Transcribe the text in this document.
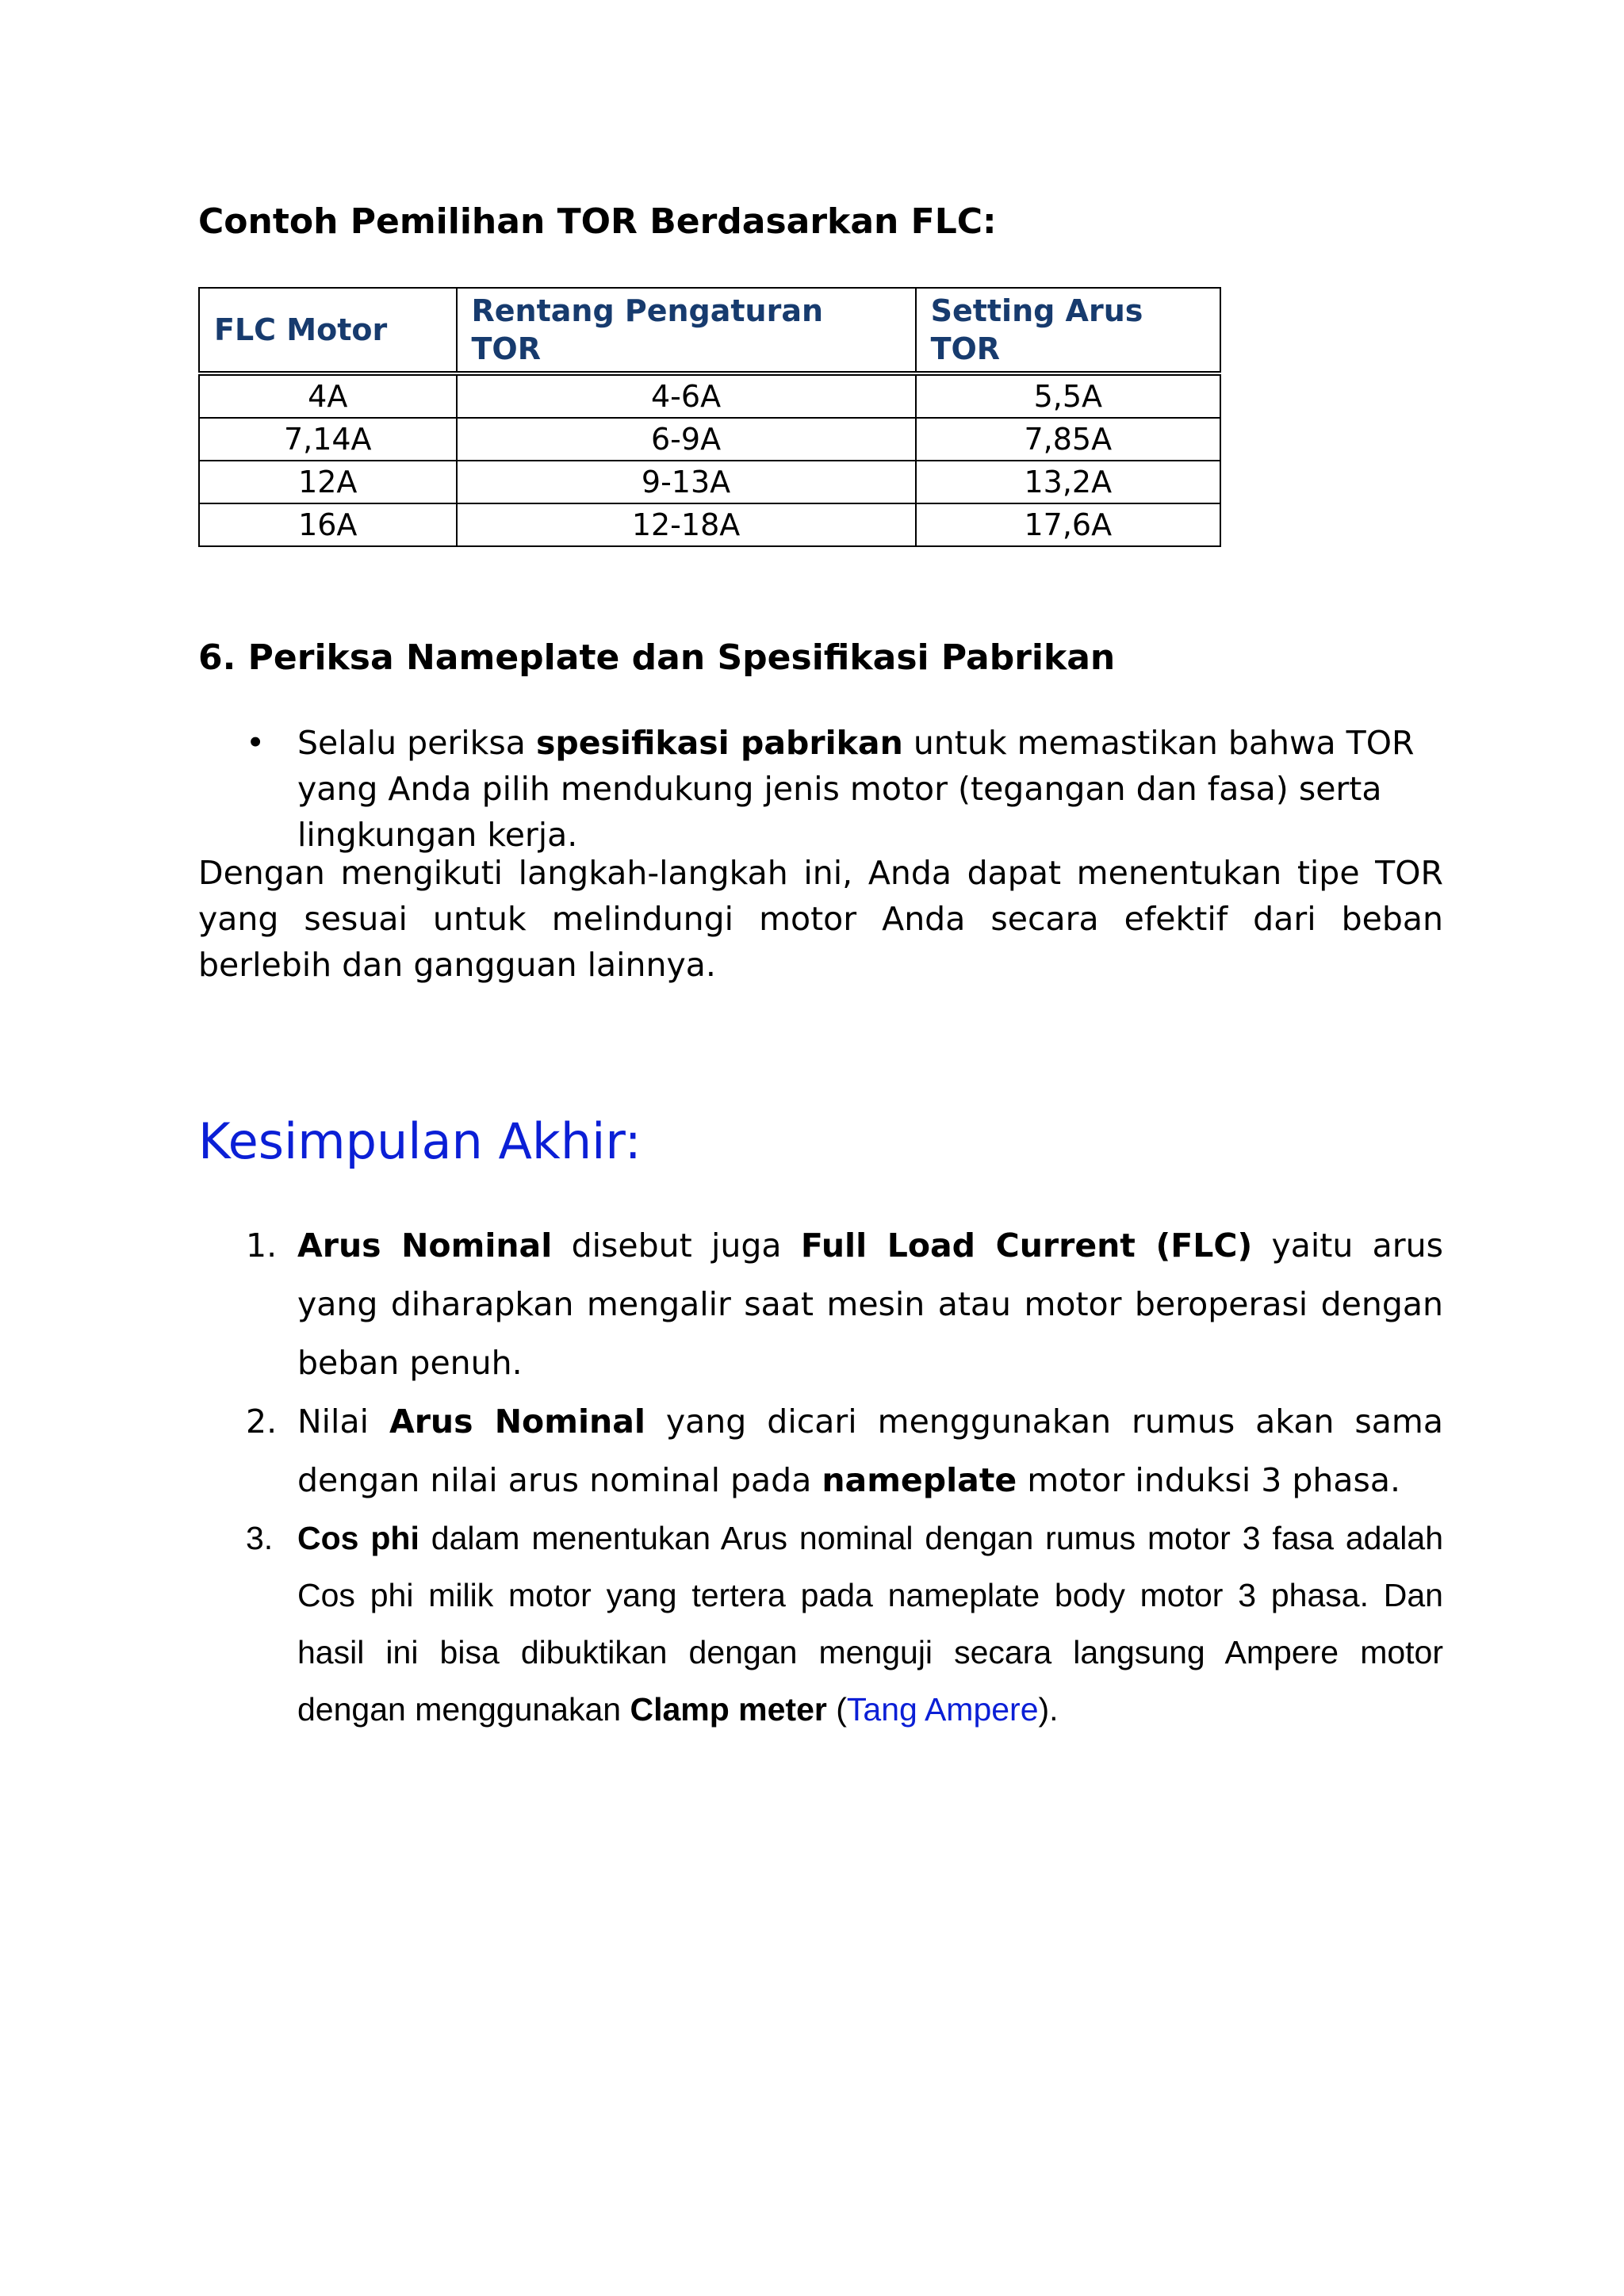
Contoh Pemilihan TOR Berdasarkan FLC:
FLC Motor	Rentang Pengaturan TOR	Setting Arus TOR
4A	4-6A	5,5A
7,14A	6-9A	7,85A
12A	9-13A	13,2A
16A	12-18A	17,6A
6. Periksa Nameplate dan Spesifikasi Pabrikan
• Selalu periksa spesifikasi pabrikan untuk memastikan bahwa TOR yang Anda pilih mendukung jenis motor (tegangan dan fasa) serta lingkungan kerja.

Dengan mengikuti langkah-langkah ini, Anda dapat menentukan tipe TOR yang sesuai untuk melindungi motor Anda secara efektif dari beban berlebih dan gangguan lainnya.

Kesimpulan Akhir:
1. Arus Nominal disebut juga Full Load Current (FLC) yaitu arus yang diharapkan mengalir saat mesin atau motor beroperasi dengan beban penuh.
2. Nilai Arus Nominal yang dicari menggunakan rumus akan sama dengan nilai arus nominal pada nameplate motor induksi 3 phasa.
3. Cos phi dalam menentukan Arus nominal dengan rumus motor 3 fasa adalah Cos phi milik motor yang tertera pada nameplate body motor 3 phasa. Dan hasil ini bisa dibuktikan dengan menguji secara langsung Ampere motor dengan menggunakan Clamp meter (Tang Ampere).
